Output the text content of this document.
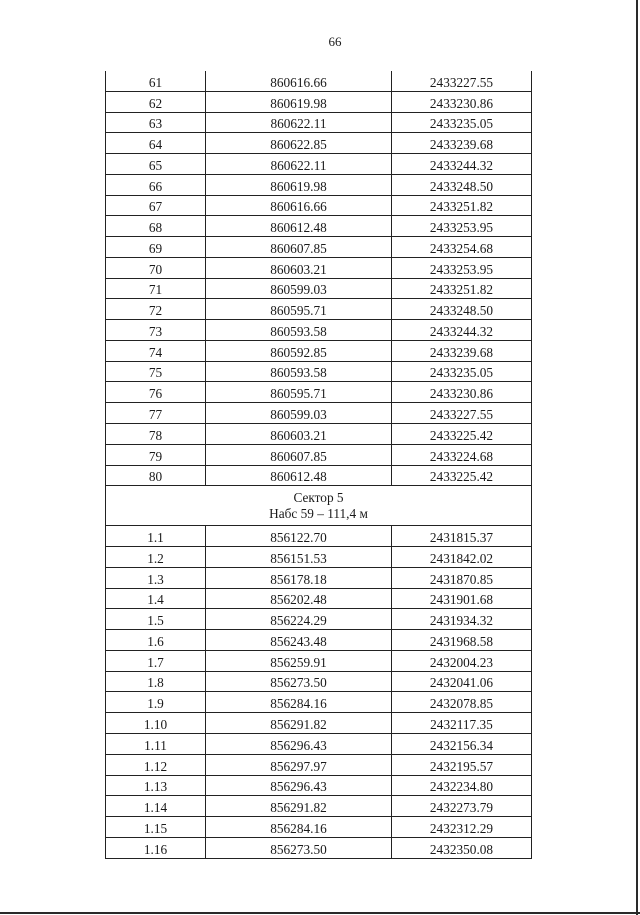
66
61	860616.66	2433227.55
62	860619.98	2433230.86
63	860622.11	2433235.05
64	860622.85	2433239.68
65	860622.11	2433244.32
66	860619.98	2433248.50
67	860616.66	2433251.82
68	860612.48	2433253.95
69	860607.85	2433254.68
70	860603.21	2433253.95
71	860599.03	2433251.82
72	860595.71	2433248.50
73	860593.58	2433244.32
74	860592.85	2433239.68
75	860593.58	2433235.05
76	860595.71	2433230.86
77	860599.03	2433227.55
78	860603.21	2433225.42
79	860607.85	2433224.68
80	860612.48	2433225.42

Сектор 5
Набс 59 – 111,4 м		

1.1	856122.70	2431815.37
1.2	856151.53	2431842.02
1.3	856178.18	2431870.85
1.4	856202.48	2431901.68
1.5	856224.29	2431934.32
1.6	856243.48	2431968.58
1.7	856259.91	2432004.23
1.8	856273.50	2432041.06
1.9	856284.16	2432078.85
1.10	856291.82	2432117.35
1.11	856296.43	2432156.34
1.12	856297.97	2432195.57
1.13	856296.43	2432234.80
1.14	856291.82	2432273.79
1.15	856284.16	2432312.29
1.16	856273.50	2432350.08
